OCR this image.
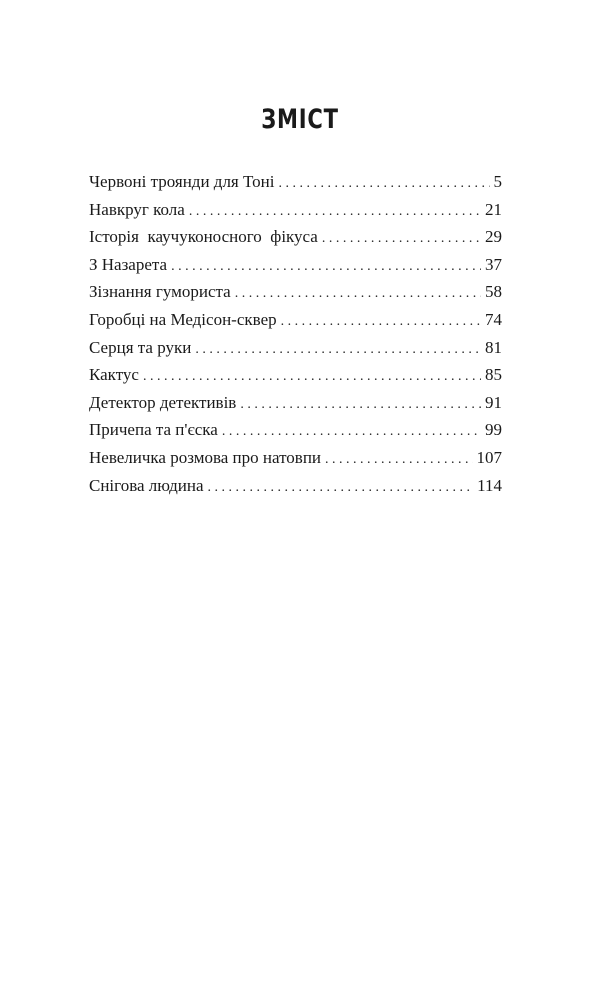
ЗМІСТ
Червоні троянди для Тоні . . .	5
Навкруг кола . . .	21
Історія  каучуконосного  фікуса . . .	29
З Назарета . . .	37
Зізнання гумориста . . .	58
Горобці на Медісон-сквер . . .	74
Серця та руки . . .	81
Кактус . . .	85
Детектор детективів . . .	91
Причепа та п'єска . . .	99
Невеличка розмова про натовпи . . .	107
Снігова людина . . .	114
